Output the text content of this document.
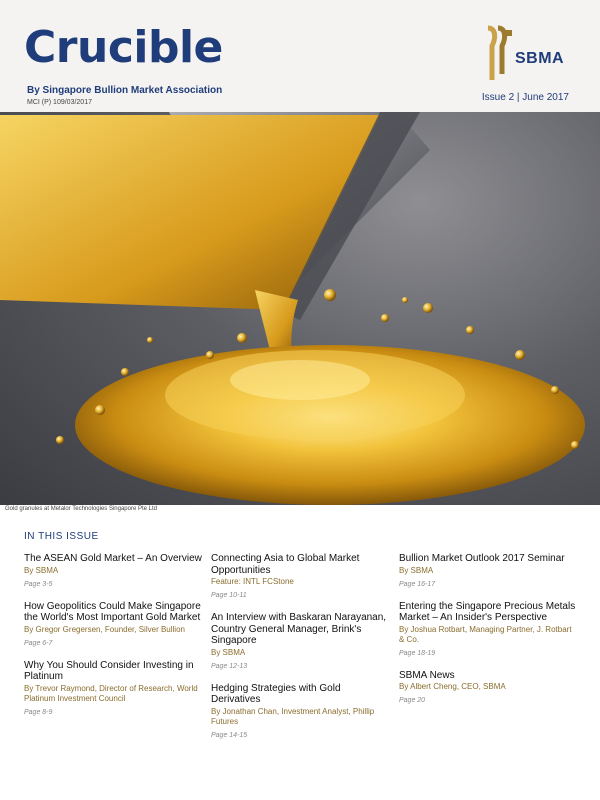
Gold granules at Metalor Technologies Singapore Pte Ltd
Crucible
By Singapore Bullion Market Association
MCI (P) 109/03/2017
SBMA
Issue 2 | June 2017
IN THIS ISSUE
The ASEAN Gold Market – An Overview
By SBMA
Page 3-5
How Geopolitics Could Make Singapore the World's Most Important Gold Market
By Gregor Gregersen, Founder, Silver Bullion
Page 6-7
Why You Should Consider Investing in Platinum
By Trevor Raymond, Director of Research, World Platinum Investment Council
Page 8-9
Connecting Asia to Global Market Opportunities
Feature: INTL FCStone
Page 10-11
An Interview with Baskaran Narayanan, Country General Manager, Brink's Singapore
By SBMA
Page 12-13
Hedging Strategies with Gold Derivatives
By Jonathan Chan, Investment Analyst, Phillip Futures
Page 14-15
Bullion Market Outlook 2017 Seminar
By SBMA
Page 16-17
Entering the Singapore Precious Metals Market – An Insider's Perspective
By Joshua Rotbart, Managing Partner, J. Rotbart & Co.
Page 18-19
SBMA News
By Albert Cheng, CEO, SBMA
Page 20
